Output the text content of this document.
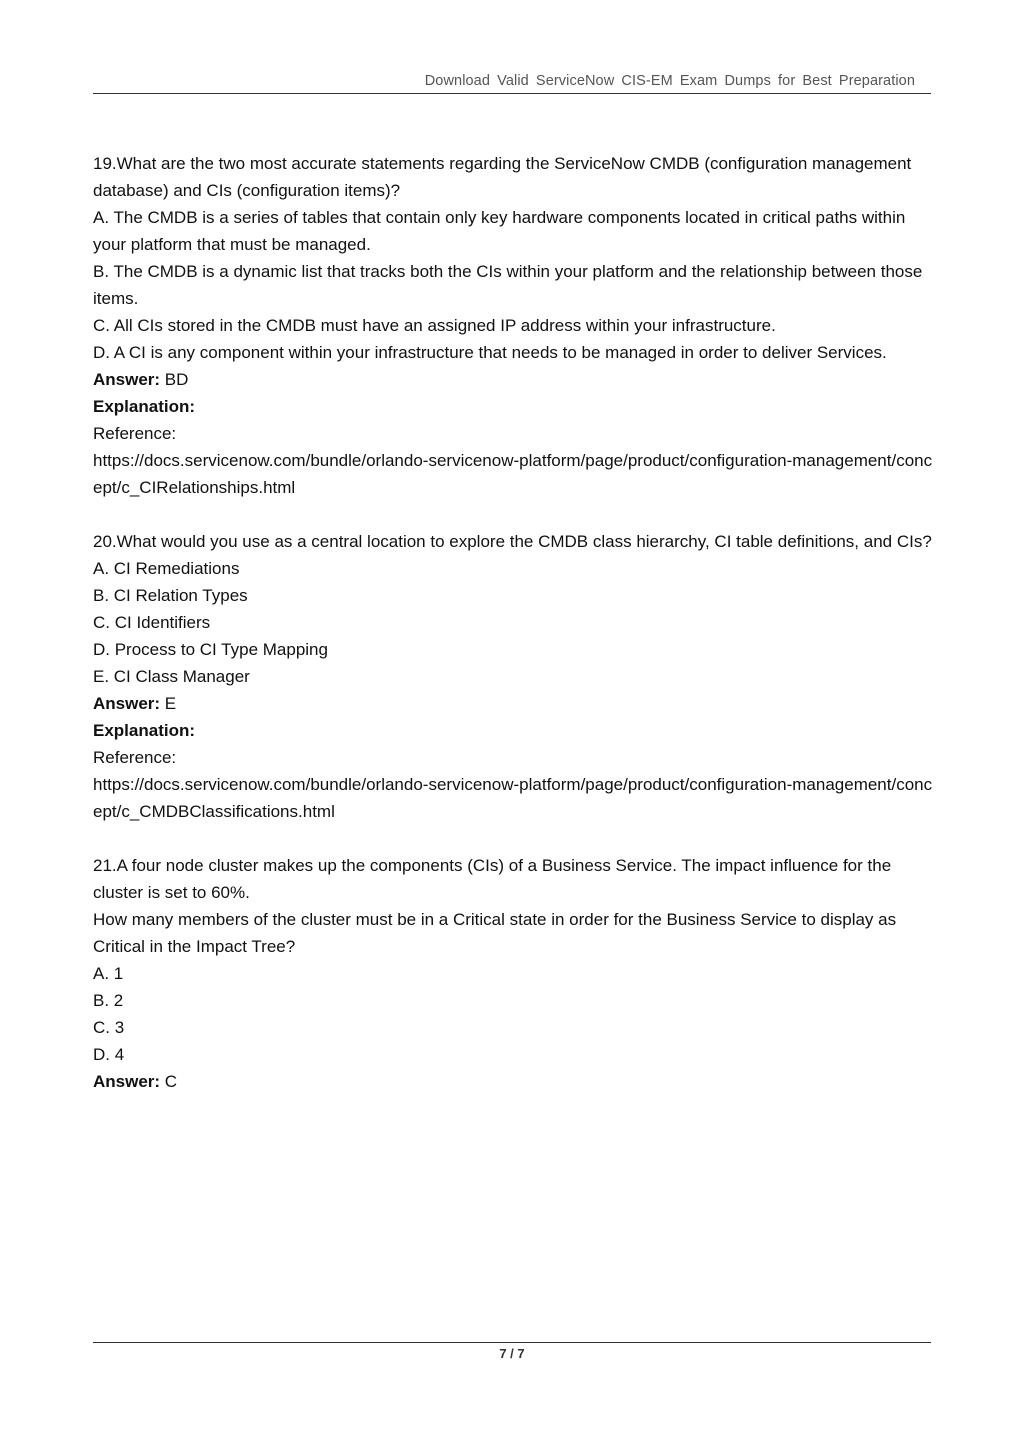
Download Valid ServiceNow CIS-EM Exam Dumps for Best Preparation
19.What are the two most accurate statements regarding the ServiceNow CMDB (configuration management database) and CIs (configuration items)?
A. The CMDB is a series of tables that contain only key hardware components located in critical paths within your platform that must be managed.
B. The CMDB is a dynamic list that tracks both the CIs within your platform and the relationship between those items.
C. All CIs stored in the CMDB must have an assigned IP address within your infrastructure.
D. A CI is any component within your infrastructure that needs to be managed in order to deliver Services.
Answer: BD
Explanation:
Reference:
https://docs.servicenow.com/bundle/orlando-servicenow-platform/page/product/configuration-management/concept/c_CIRelationships.html
20.What would you use as a central location to explore the CMDB class hierarchy, CI table definitions, and CIs?
A. CI Remediations
B. CI Relation Types
C. CI Identifiers
D. Process to CI Type Mapping
E. CI Class Manager
Answer: E
Explanation:
Reference:
https://docs.servicenow.com/bundle/orlando-servicenow-platform/page/product/configuration-management/concept/c_CMDBClassifications.html
21.A four node cluster makes up the components (CIs) of a Business Service. The impact influence for the cluster is set to 60%.
How many members of the cluster must be in a Critical state in order for the Business Service to display as Critical in the Impact Tree?
A. 1
B. 2
C. 3
D. 4
Answer: C
7 / 7
